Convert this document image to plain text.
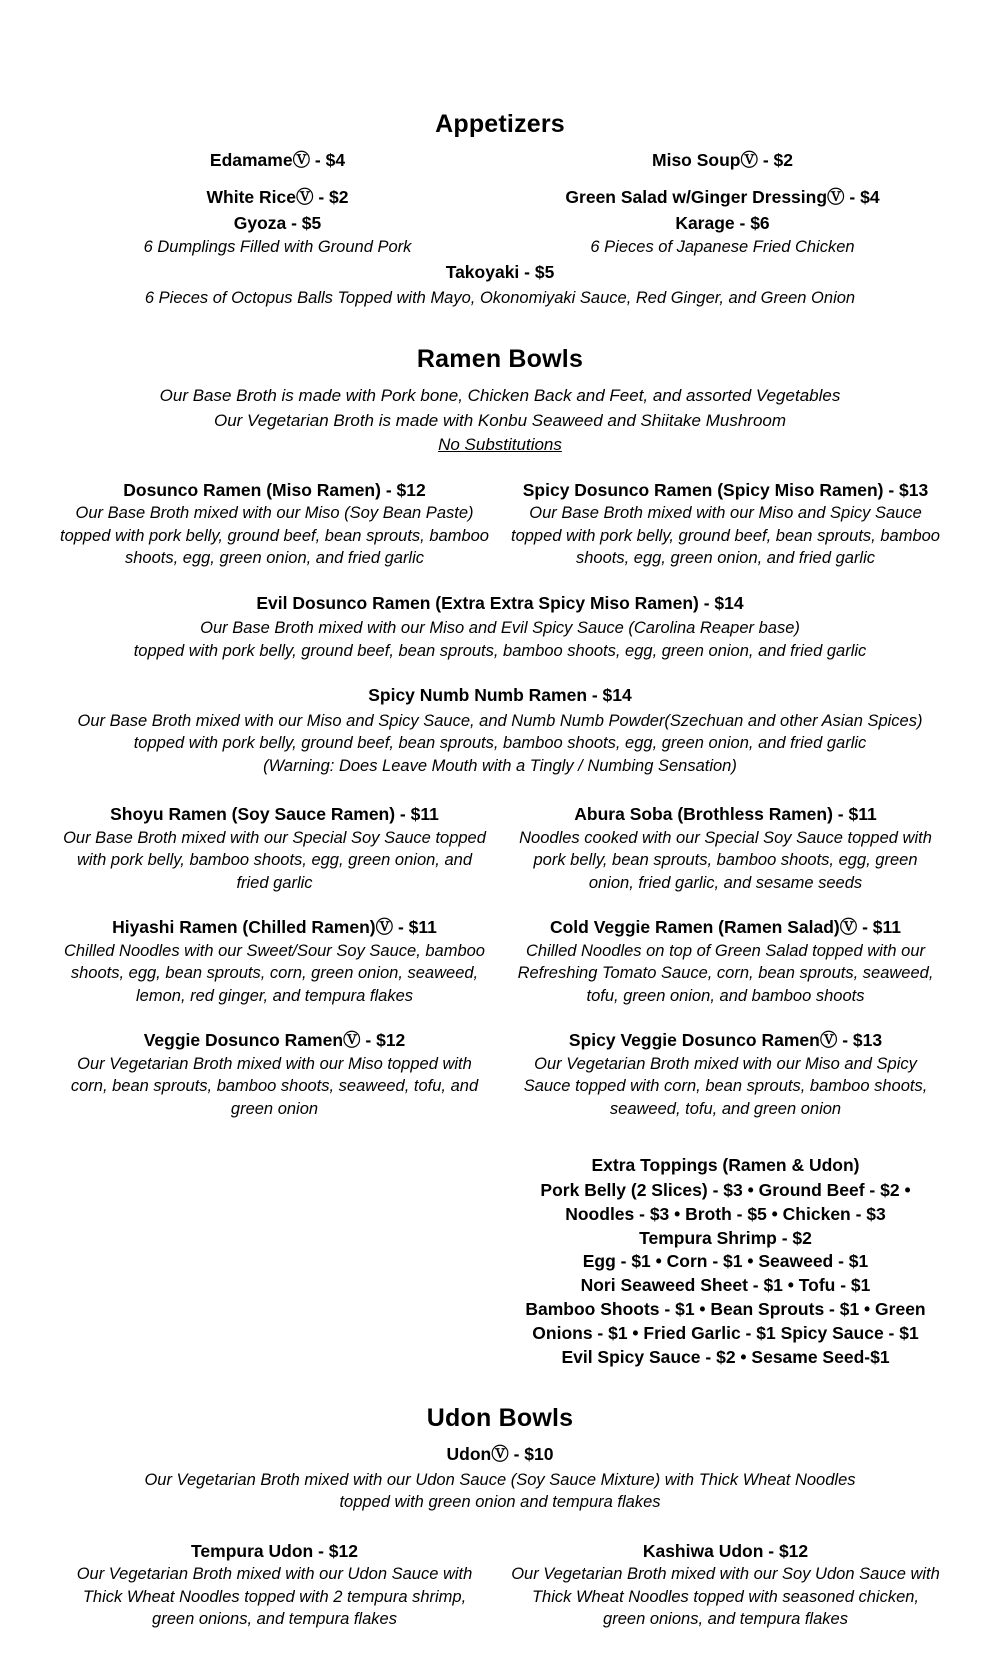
Appetizers
EdamameⓋ - $4
White RiceⓋ - $2
Gyoza - $5
6 Dumplings Filled with Ground Pork
Miso SoupⓋ - $2
Green Salad w/Ginger DressingⓋ - $4
Karage - $6
6 Pieces of Japanese Fried Chicken
Takoyaki - $5
6 Pieces of Octopus Balls Topped with Mayo, Okonomiyaki Sauce, Red Ginger, and Green Onion
Ramen Bowls
Our Base Broth is made with Pork bone, Chicken Back and Feet, and assorted Vegetables
Our Vegetarian Broth is made with Konbu Seaweed and Shiitake Mushroom
No Substitutions
Dosunco Ramen (Miso Ramen) - $12
Our Base Broth mixed with our Miso (Soy Bean Paste) topped with pork belly, ground beef, bean sprouts, bamboo shoots, egg, green onion, and fried garlic
Spicy Dosunco Ramen (Spicy Miso Ramen) - $13
Our Base Broth mixed with our Miso and Spicy Sauce topped with pork belly, ground beef, bean sprouts, bamboo shoots, egg, green onion, and fried garlic
Evil Dosunco Ramen (Extra Extra Spicy Miso Ramen) - $14
Our Base Broth mixed with our Miso and Evil Spicy Sauce (Carolina Reaper base)
topped with pork belly, ground beef, bean sprouts, bamboo shoots, egg, green onion, and fried garlic
Spicy Numb Numb Ramen - $14
Our Base Broth mixed with our Miso and Spicy Sauce, and Numb Numb Powder(Szechuan and other Asian Spices)
topped with pork belly, ground beef, bean sprouts, bamboo shoots, egg, green onion, and fried garlic
(Warning: Does Leave Mouth with a Tingly / Numbing Sensation)
Shoyu Ramen (Soy Sauce Ramen) - $11
Our Base Broth mixed with our Special Soy Sauce topped with pork belly, bamboo shoots, egg, green onion, and fried garlic
Abura Soba (Brothless Ramen) - $11
Noodles cooked with our Special Soy Sauce topped with pork belly, bean sprouts, bamboo shoots, egg, green onion, fried garlic, and sesame seeds
Hiyashi Ramen (Chilled Ramen)Ⓥ - $11
Chilled Noodles with our Sweet/Sour Soy Sauce, bamboo shoots, egg, bean sprouts, corn, green onion, seaweed, lemon, red ginger, and tempura flakes
Cold Veggie Ramen (Ramen Salad)Ⓥ - $11
Chilled Noodles on top of Green Salad topped with our Refreshing Tomato Sauce, corn, bean sprouts, seaweed, tofu, green onion, and bamboo shoots
Veggie Dosunco RamenⓋ - $12
Our Vegetarian Broth mixed with our Miso topped with corn, bean sprouts, bamboo shoots, seaweed, tofu, and green onion
Spicy Veggie Dosunco RamenⓋ - $13
Our Vegetarian Broth mixed with our Miso and Spicy Sauce topped with corn, bean sprouts, bamboo shoots, seaweed, tofu, and green onion
Extra Toppings (Ramen & Udon)
Pork Belly (2 Slices) - $3 • Ground Beef - $2 •
Noodles - $3 • Broth - $5 • Chicken - $3
Tempura Shrimp - $2
Egg - $1 • Corn - $1 • Seaweed - $1
Nori Seaweed Sheet - $1 • Tofu - $1
Bamboo Shoots - $1 • Bean Sprouts - $1 • Green
Onions - $1 • Fried Garlic - $1 Spicy Sauce - $1
Evil Spicy Sauce - $2 • Sesame Seed-$1
Udon Bowls
UdonⓋ - $10
Our Vegetarian Broth mixed with our Udon Sauce (Soy Sauce Mixture) with Thick Wheat Noodles
topped with green onion and tempura flakes
Tempura Udon - $12
Our Vegetarian Broth mixed with our Udon Sauce with Thick Wheat Noodles topped with 2 tempura shrimp, green onions, and tempura flakes
Kashiwa Udon - $12
Our Vegetarian Broth mixed with our Soy Udon Sauce with Thick Wheat Noodles topped with seasoned chicken, green onions, and tempura flakes
